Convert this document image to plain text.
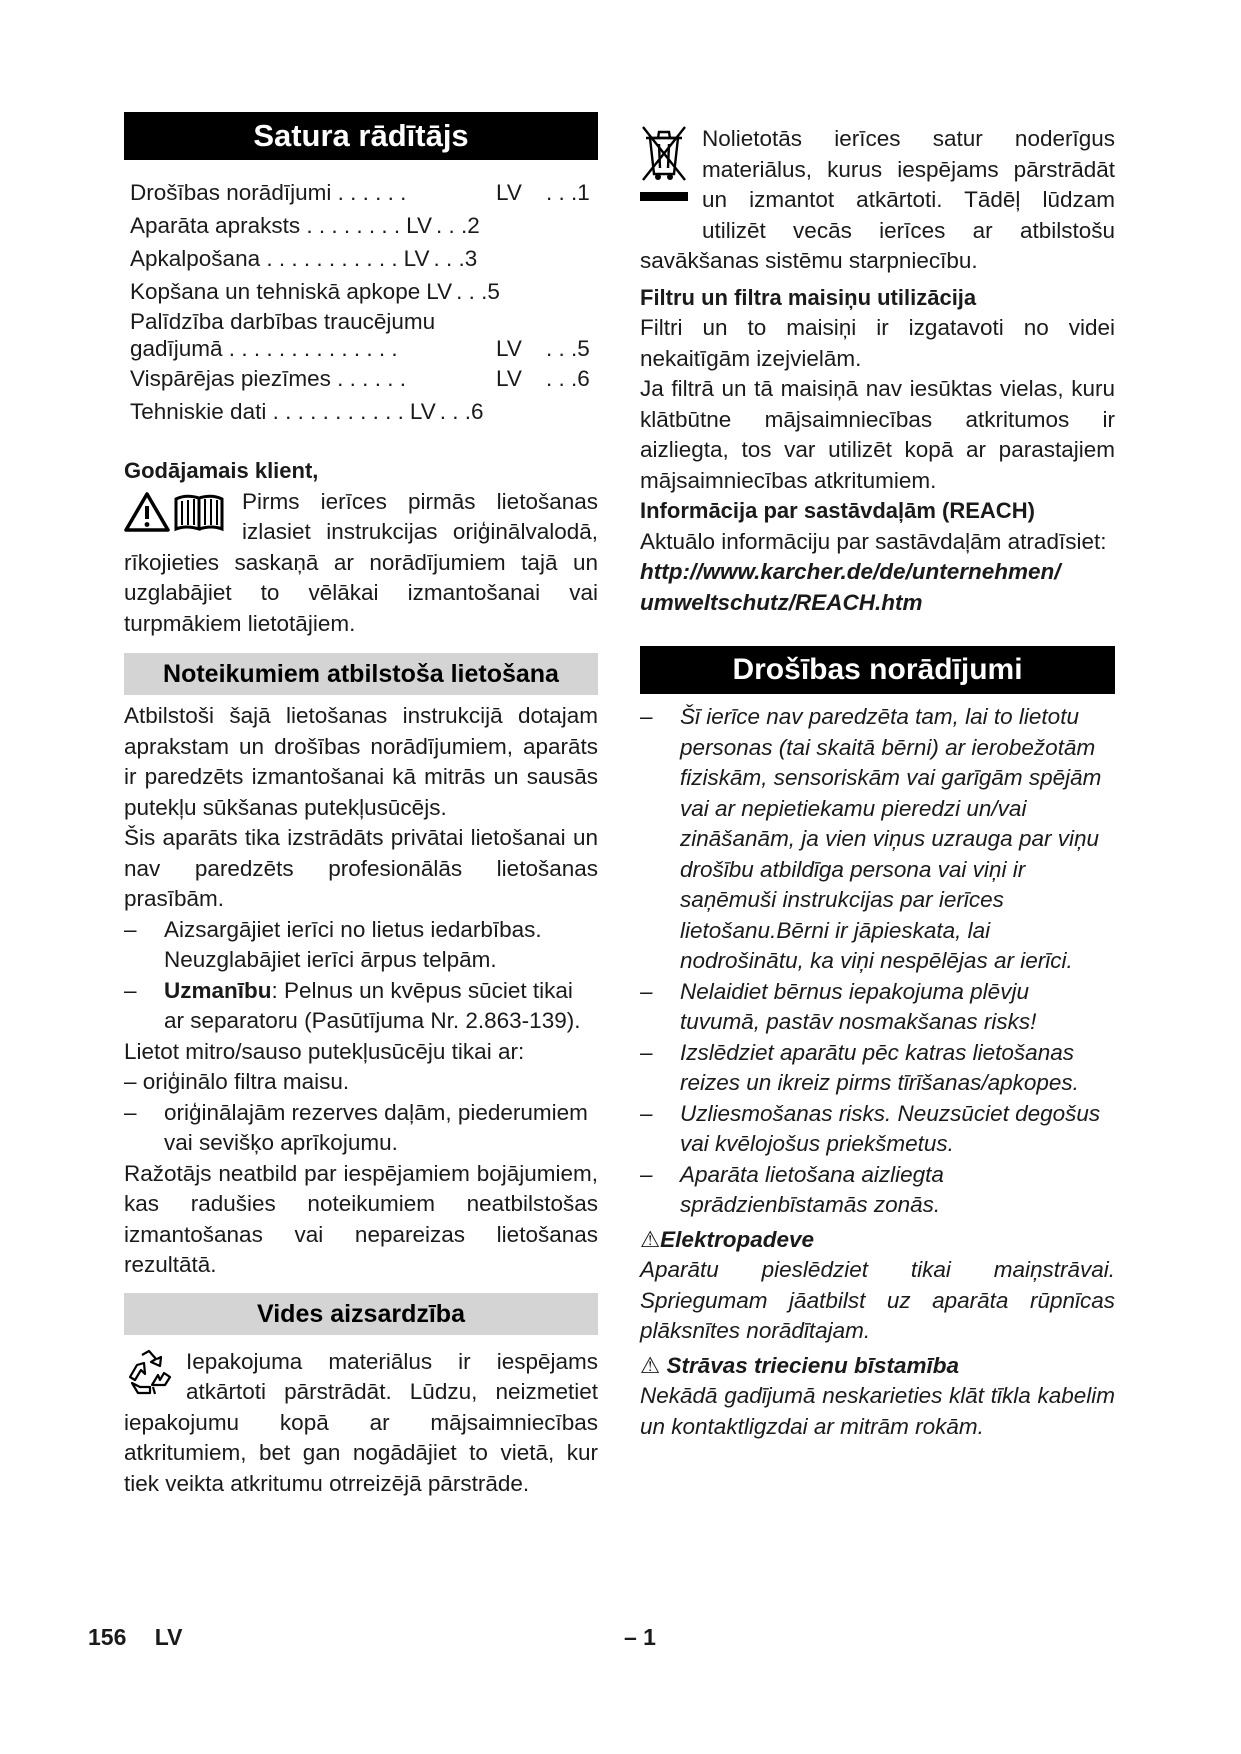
Satura rādītājs
Drošības norādījumi . . . . . .	LV . . .1
Aparāta apraksts . . . . . . . . LV . . .2
Apkalpošana . . . . . . . . . . . LV . . .3
Kopšana un tehniskā apkope LV . . .5
Palīdzība darbības traucējumu
gadījumā . . . . . . . . . . . . . .	LV . . .5
Vispārējas piezīmes . . . . . .	LV . . .6
Tehniskie dati . . . . . . . . . . . LV . . .6

Godājamais klient,

Pirms ierīces pirmās lietošanas izlasiet instrukcijas oriģinālvalodā, rīkojieties saskaņā ar norādījumiem tajā un uzglabājiet to vēlākai izmantošanai vai turpmākiem lietotājiem.

Noteikumiem atbilstoša lietošana

Atbilstoši šajā lietošanas instrukcijā dotajam aprakstam un drošības norādījumiem, aparāts ir paredzēts izmantošanai kā mitrās un sausās putekļu sūkšanas putekļusūcējs.

Šis aparāts tika izstrādāts privātai lietošanai un nav paredzēts profesionālās lietošanas prasībām.

–	Aizsargājiet ierīci no lietus iedarbības. Neuzglabājiet ierīci ārpus telpām.
–	Uzmanību: Pelnus un kvēpus sūciet tikai ar separatoru (Pasūtījuma Nr. 2.863-139).

Lietot mitro/sauso putekļusūcēju tikai ar:

– oriģinālo filtra maisu.

–	oriģinālajām rezerves daļām, piederumiem vai sevišķo aprīkojumu.

Ražotājs neatbild par iespējamiem bojājumiem, kas radušies noteikumiem neatbilstošas izmantošanas vai nepareizas lietošanas rezultātā.

Vides aizsardzība

Iepakojuma materiālus ir iespējams atkārtoti pārstrādāt. Lūdzu, neizmetiet iepakojumu kopā ar mājsaimniecības atkritumiem, bet gan nogādājiet to vietā, kur tiek veikta atkritumu otrreizējā pārstrāde.

Nolietotās ierīces satur noderīgus materiālus, kurus iespējams pārstrādāt un izmantot atkārtoti. Tādēļ lūdzam utilizēt vecās ierīces ar atbilstošu savākšanas sistēmu starpniecību.

Filtru un filtra maisiņu utilizācija

Filtri un to maisiņi ir izgatavoti no videi nekaitīgām izejvielām.

Ja filtrā un tā maisiņā nav iesūktas vielas, kuru klātbūtne mājsaimniecības atkritumos ir aizliegta, tos var utilizēt kopā ar parastajiem mājsaimniecības atkritumiem.

Informācija par sastāvdaļām (REACH)

Aktuālo informāciju par sastāvdaļām atradīsiet:

http://www.karcher.de/de/unternehmen/
umweltschutz/REACH.htm

Drošības norādījumi
–	Šī ierīce nav paredzēta tam, lai to lietotu personas (tai skaitā bērni) ar ierobežotām fiziskām, sensoriskām vai garīgām spējām vai ar nepietiekamu pieredzi un/vai zināšanām, ja vien viņus uzrauga par viņu drošību atbildīga persona vai viņi ir saņēmuši instrukcijas par ierīces lietošanu.Bērni ir jāpieskata, lai nodrošinātu, ka viņi nespēlējas ar ierīci.
–	Nelaidiet bērnus iepakojuma plēvju tuvumā, pastāv nosmakšanas risks!
–	Izslēdziet aparātu pēc katras lietošanas reizes un ikreiz pirms tīrīšanas/apkopes.
–	Uzliesmošanas risks. Neuzsūciet degošus vai kvēlojošus priekšmetus.
–	Aparāta lietošana aizliegta sprādzienbīstamās zonās.

⚠Elektropadeve

Aparātu pieslēdziet tikai maiņstrāvai. Spriegumam jāatbilst uz aparāta rūpnīcas plāksnītes norādītajam.

⚠ Strāvas triecienu bīstamība

Nekādā gadījumā neskarieties klāt tīkla kabelim un kontaktligzdai ar mitrām rokām.

156 LV	– 1
